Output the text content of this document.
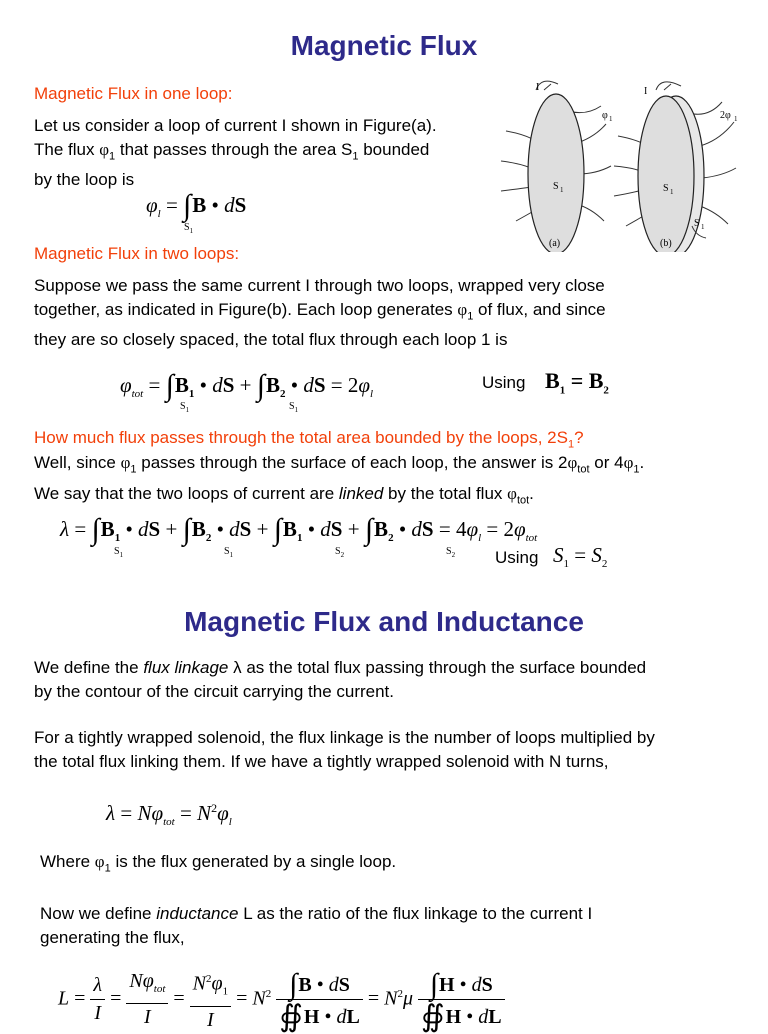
Magnetic Flux
Magnetic Flux in one loop:
Let us consider a loop of current I shown in Figure(a).
The flux $\varphi_1$ that passes through the area $S_1$ bounded
by the loop is
$\varphi_l = \int B$ • dS
$S_1$
I	I
φ 1	2φ 1
S 1	S 1
S 1
(a)	(b)
Magnetic Flux in two loops:
Suppose we pass the same current I through two loops, wrapped very close
together, as indicated in Figure(b). Each loop generates $\varphi_1$ of flux, and since
they are so closely spaced, the total flux through each loop 1 is
$\varphi_{tot} = \int B_1$ • dS + $\int B_2$ • dS = $2\varphi_l$
$S_1$	$S_1$
Using $B_1 = B_2$
How much flux passes through the total area bounded by the loops, $2S_1$?
Well, since $\varphi_1$ passes through the surface of each loop, the answer is $2\varphi_{tot}$ or $4\varphi_1$.
We say that the two loops of current are linked by the total flux $\varphi_{tot}$.
$\lambda = \int B_1$ • dS + $\int B_2$ • dS + $\int B_1$ • dS + $\int B_2$ • dS = $4\varphi_l = 2\varphi_{tot}$
$S_1$	$S_1$	$S_2$	$S_2$ Using $S_1 = S_2$
Magnetic Flux and Inductance
We define the flux linkage λ as the total flux passing through the surface bounded
by the contour of the circuit carrying the current.
For a tightly wrapped solenoid, the flux linkage is the number of loops multiplied by
the total flux linking them. If we have a tightly wrapped solenoid with N turns,
$\lambda = N\varphi_{tot} = N^2\varphi_l$
Where $\varphi_1$ is the flux generated by a single loop.
Now we define inductance L as the ratio of the flux linkage to the current I
generating the flux,
$L = \frac{\lambda}{I} = \frac{N\varphi_{tot}}{I} = \frac{N^2\varphi_1}{I} = N^2 \frac{\int B • dS}{∯H • dL} = N^2\mu \frac{\int H • dS}{∯H • dL}$
